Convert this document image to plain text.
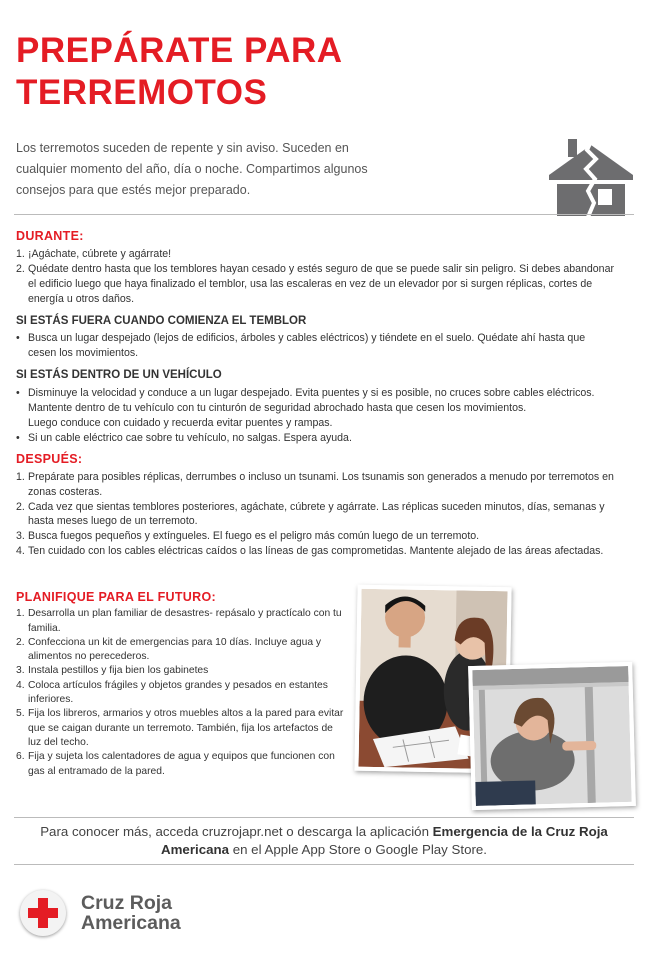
PREPÁRATE PARA
TERREMOTOS
Los terremotos suceden de repente y sin aviso. Suceden en cualquier momento del año, día o noche. Compartimos algunos consejos para que estés mejor preparado.
DURANTE:
1. ¡Agáchate, cúbrete y agárrate!
2. Quédate dentro hasta que los temblores hayan cesado y estés seguro de que se puede salir sin peligro. Si debes abandonar el edificio luego que haya finalizado el temblor, usa las escaleras en vez de un elevador por si surgen réplicas, cortes de energía u otros daños.
SI ESTÁS FUERA CUANDO COMIENZA EL TEMBLOR
• Busca un lugar despejado (lejos de edificios, árboles y cables eléctricos) y tiéndete en el suelo. Quédate ahí hasta que cesen los movimientos.
SI ESTÁS DENTRO DE UN VEHÍCULO
• Disminuye la velocidad y conduce a un lugar despejado. Evita puentes y si es posible, no cruces sobre cables eléctricos. Mantente dentro de tu vehículo con tu cinturón de seguridad abrochado hasta que cesen los movimientos.
Luego conduce con cuidado y recuerda evitar puentes y rampas.
• Si un cable eléctrico cae sobre tu vehículo, no salgas. Espera ayuda.
DESPUÉS:
1. Prepárate para posibles réplicas, derrumbes o incluso un tsunami. Los tsunamis son generados a menudo por terremotos en zonas costeras.
2. Cada vez que sientas temblores posteriores, agáchate, cúbrete y agárrate. Las réplicas suceden minutos, días, semanas y hasta meses luego de un terremoto.
3. Busca fuegos pequeños y extíngueles. El fuego es el peligro más común luego de un terremoto.
4. Ten cuidado con los cables eléctricas caídos o las líneas de gas comprometidas. Mantente alejado de las áreas afectadas.
PLANIFIQUE PARA EL FUTURO:
1. Desarrolla un plan familiar de desastres- repásalo y practícalo con tu familia.
2. Confecciona un kit de emergencias para 10 días. Incluye agua y alimentos no perecederos.
3. Instala pestillos y fija bien los gabinetes
4. Coloca artículos frágiles y objetos grandes y pesados en estantes inferiores.
5. Fija los libreros, armarios y otros muebles altos a la pared para evitar que se caigan durante un terremoto. También, fija los artefactos de luz del techo.
6. Fija y sujeta los calentadores de agua y equipos que funcionen con gas al entramado de la pared.
Para conocer más, acceda cruzrojapr.net o descarga la aplicación Emergencia de la Cruz Roja Americana en el Apple App Store o Google Play Store.
Cruz Roja
Americana
